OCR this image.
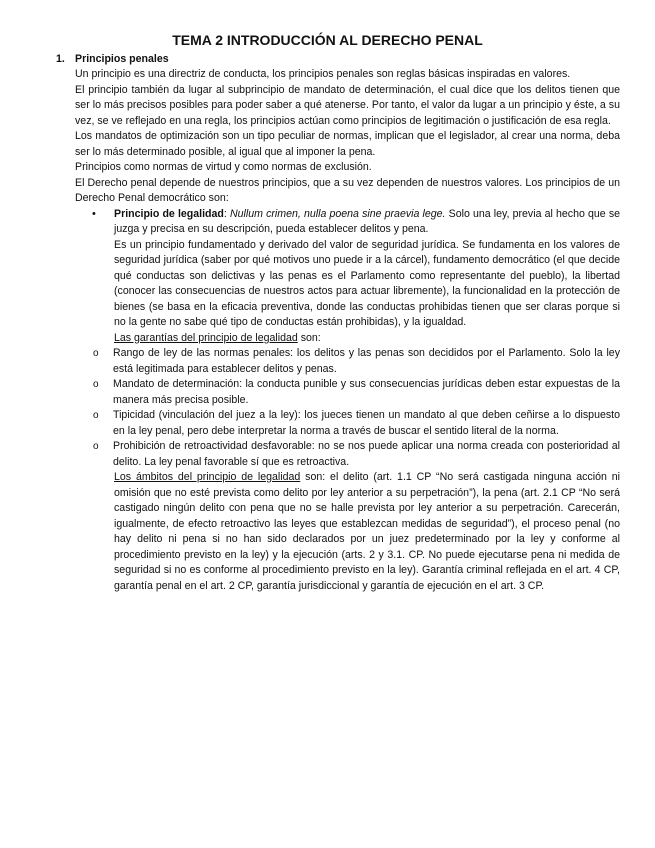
TEMA 2 INTRODUCCIÓN AL DERECHO PENAL
1. Principios penales

Un principio es una directriz de conducta, los principios penales son reglas básicas inspiradas en valores.

El principio también da lugar al subprincipio de mandato de determinación, el cual dice que los delitos tienen que ser lo más precisos posibles para poder saber a qué atenerse. Por tanto, el valor da lugar a un principio y éste, a su vez, se ve reflejado en una regla, los principios actúan como principios de legitimación o justificación de esa regla.

Los mandatos de optimización son un tipo peculiar de normas, implican que el legislador, al crear una norma, deba ser lo más determinado posible, al igual que al imponer la pena.

Principios como normas de virtud y como normas de exclusión.

El Derecho penal depende de nuestros principios, que a su vez dependen de nuestros valores. Los principios de un Derecho Penal democrático son:

• Principio de legalidad: Nullum crimen, nulla poena sine praevia lege. Solo una ley, previa al hecho que se juzga y precisa en su descripción, pueda establecer delitos y pena.

Es un principio fundamentado y derivado del valor de seguridad jurídica. Se fundamenta en los valores de seguridad jurídica (saber por qué motivos uno puede ir a la cárcel), fundamento democrático (el que decide qué conductas son delictivas y las penas es el Parlamento como representante del pueblo), la libertad (conocer las consecuencias de nuestros actos para actuar libremente), la funcionalidad en la protección de bienes (se basa en la eficacia preventiva, donde las conductas prohibidas tienen que ser claras porque si no la gente no sabe qué tipo de conductas están prohibidas), y la igualdad.

Las garantías del principio de legalidad son:

o Rango de ley de las normas penales: los delitos y las penas son decididos por el Parlamento. Solo la ley está legitimada para establecer delitos y penas.

o Mandato de determinación: la conducta punible y sus consecuencias jurídicas deben estar expuestas de la manera más precisa posible.

o Tipicidad (vinculación del juez a la ley): los jueces tienen un mandato al que deben ceñirse a lo dispuesto en la ley penal, pero debe interpretar la norma a través de buscar el sentido literal de la norma.

o Prohibición de retroactividad desfavorable: no se nos puede aplicar una norma creada con posterioridad al delito. La ley penal favorable sí que es retroactiva.

Los ámbitos del principio de legalidad son: el delito (art. 1.1 CP “No será castigada ninguna acción ni omisión que no esté prevista como delito por ley anterior a su perpetración”), la pena (art. 2.1 CP “No será castigado ningún delito con pena que no se halle prevista por ley anterior a su perpetración. Carecerán, igualmente, de efecto retroactivo las leyes que establezcan medidas de seguridad”), el proceso penal (no hay delito ni pena si no han sido declarados por un juez predeterminado por la ley y conforme al procedimiento previsto en la ley) y la ejecución (arts. 2 y 3.1. CP. No puede ejecutarse pena ni medida de seguridad si no es conforme al procedimiento previsto en la ley). Garantía criminal reflejada en el art. 4 CP, garantía penal en el art. 2 CP, garantía jurisdiccional y garantía de ejecución en el art. 3 CP.
